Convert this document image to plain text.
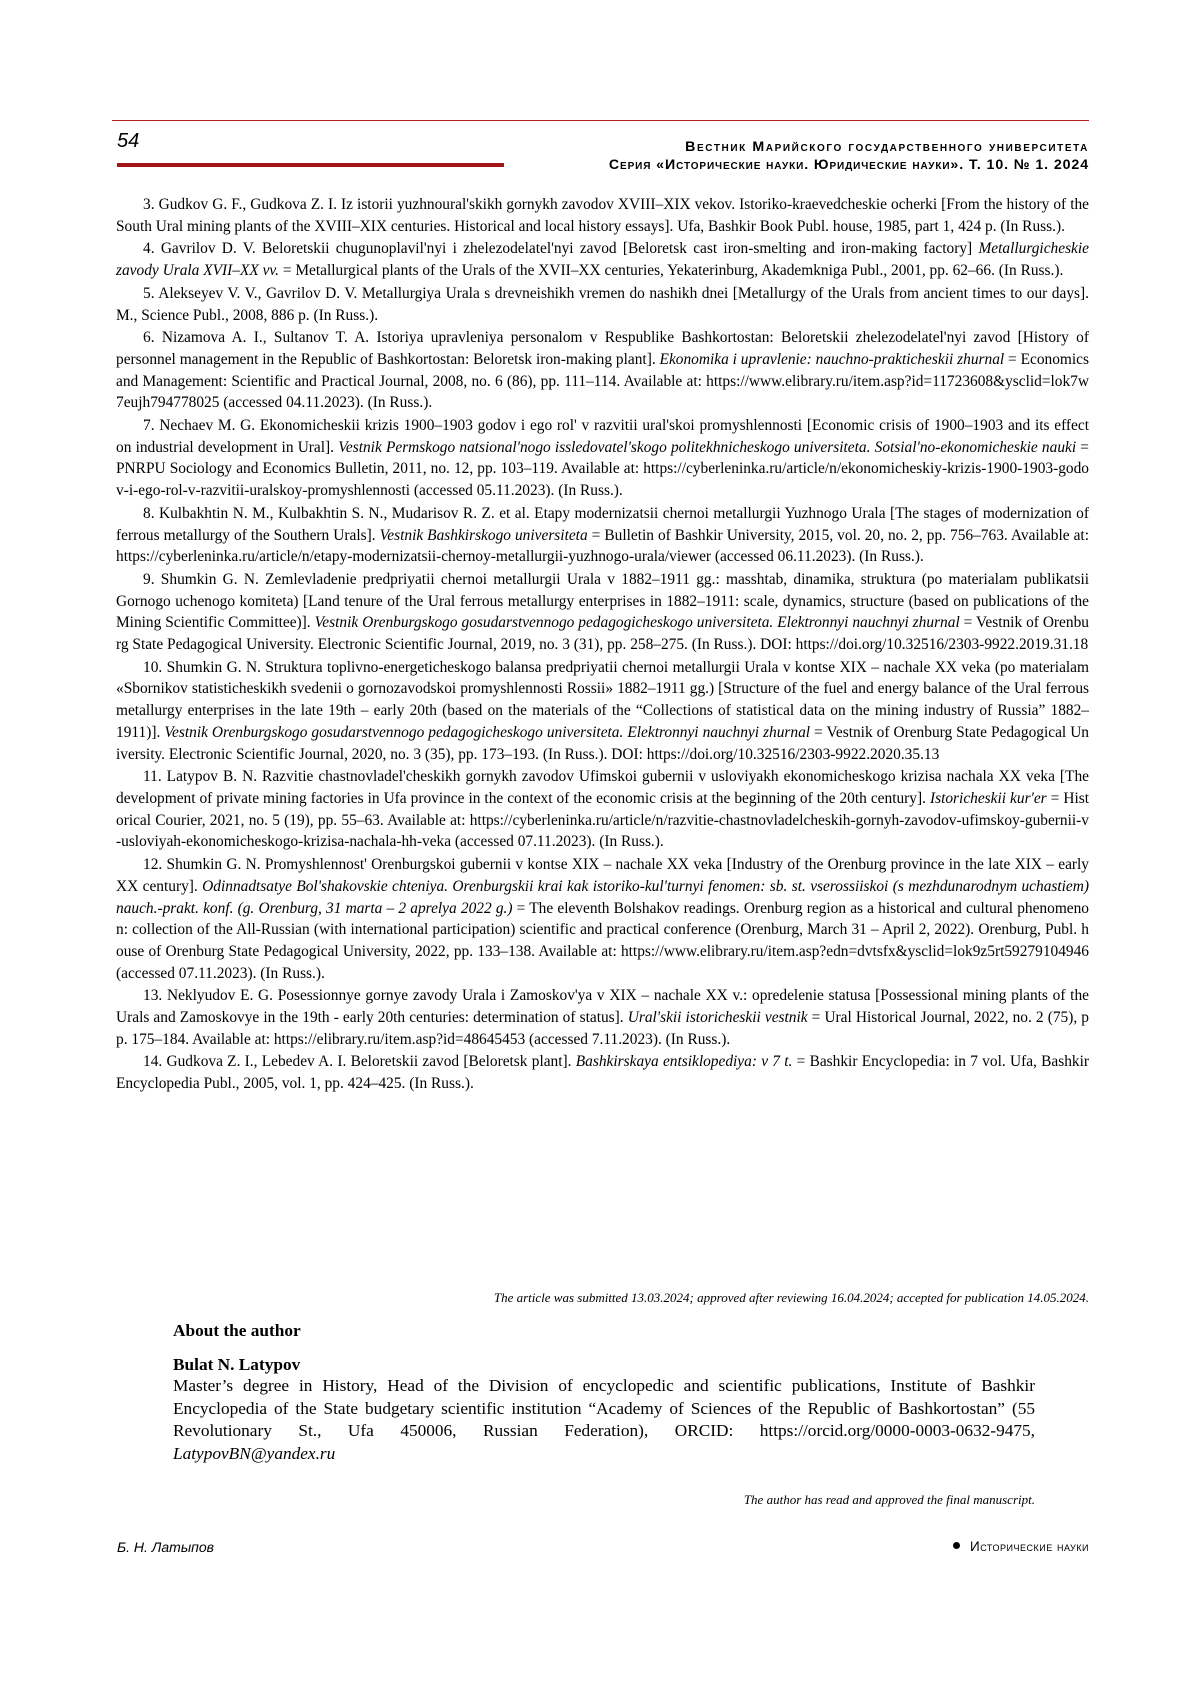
54	Вестник Марийского государственного университета
Серия «Исторические науки. Юридические науки». Т. 10. № 1. 2024

3. Gudkov G. F., Gudkova Z. I. Iz istorii yuzhnoural'skikh gornykh zavodov XVIII–XIX vekov. Istoriko-kraevedcheskie ocherki [From the history of the South Ural mining plants of the XVIII–XIX centuries. Historical and local history essays]. Ufa, Bashkir Book Publ. house, 1985, part 1, 424 p. (In Russ.).

4. Gavrilov D. V. Beloretskii chugunoplavil'nyi i zhelezodelatel'nyi zavod [Beloretsk cast iron-smelting and iron-making factory] Metallurgicheskie zavody Urala XVII–XX vv. = Metallurgical plants of the Urals of the XVII–XX centuries, Yekaterinburg, Akademkniga Publ., 2001, pp. 62–66. (In Russ.).

5. Alekseyev V. V., Gavrilov D. V. Metallurgiya Urala s drevneishikh vremen do nashikh dnei [Metallurgy of the Urals from ancient times to our days]. M., Science Publ., 2008, 886 p. (In Russ.).

6. Nizamova A. I., Sultanov T. A. Istoriya upravleniya personalom v Respublike Bashkortostan: Beloretskii zhelezodelatel'nyi zavod [History of personnel management in the Republic of Bashkortostan: Beloretsk iron-making plant]. Ekonomika i upravlenie: nauchno-prakticheskii zhurnal = Economics and Management: Scientific and Practical Journal, 2008, no. 6 (86), pp. 111–114. Available at: https://www.elibrary.ru/item.asp?id=11723608&ysclid=lok7w7eujh794778025 (accessed 04.11.2023). (In Russ.).

7. Nechaev M. G. Ekonomicheskii krizis 1900–1903 godov i ego rol' v razvitii ural'skoi promyshlennosti [Economic crisis of 1900–1903 and its effect on industrial development in Ural]. Vestnik Permskogo natsional'nogo issledovatel'skogo politekhnicheskogo universiteta. Sotsial'no-ekonomicheskie nauki = PNRPU Sociology and Economics Bulletin, 2011, no. 12, pp. 103–119. Available at: https://cyberleninka.ru/article/n/ekonomicheskiy-krizis-1900-1903-godov-i-ego-rol-v-razvitii-uralskoy-promyshlennosti (accessed 05.11.2023). (In Russ.).

8. Kulbakhtin N. M., Kulbakhtin S. N., Mudarisov R. Z. et al. Etapy modernizatsii chernoi metallurgii Yuzhnogo Urala [The stages of modernization of ferrous metallurgy of the Southern Urals]. Vestnik Bashkirskogo universiteta = Bulletin of Bashkir University, 2015, vol. 20, no. 2, pp. 756–763. Available at: https://cyberleninka.ru/article/n/etapy-modernizatsii-chernoy-metallurgii-yuzhnogo-urala/viewer (accessed 06.11.2023). (In Russ.).

9. Shumkin G. N. Zemlevladenie predpriyatii chernoi metallurgii Urala v 1882–1911 gg.: masshtab, dinamika, struktura (po materialam publikatsii Gornogo uchenogo komiteta) [Land tenure of the Ural ferrous metallurgy enterprises in 1882–1911: scale, dynamics, structure (based on publications of the Mining Scientific Committee)]. Vestnik Orenburgskogo gosudarstvennogo pedagogicheskogo universiteta. Elektronnyi nauchnyi zhurnal = Vestnik of Orenburg State Pedagogical University. Electronic Scientific Journal, 2019, no. 3 (31), pp. 258–275. (In Russ.). DOI: https://doi.org/10.32516/2303-9922.2019.31.18

10. Shumkin G. N. Struktura toplivno-energeticheskogo balansa predpriyatii chernoi metallurgii Urala v kontse XIX – nachale XX veka (po materialam «Sbornikov statisticheskikh svedenii o gornozavodskoi promyshlennosti Rossii» 1882–1911 gg.) [Structure of the fuel and energy balance of the Ural ferrous metallurgy enterprises in the late 19th – early 20th (based on the materials of the “Collections of statistical data on the mining industry of Russia” 1882–1911)]. Vestnik Orenburgskogo gosudarstvennogo pedagogicheskogo universiteta. Elektronnyi nauchnyi zhurnal = Vestnik of Orenburg State Pedagogical University. Electronic Scientific Journal, 2020, no. 3 (35), pp. 173–193. (In Russ.). DOI: https://doi.org/10.32516/2303-9922.2020.35.13

11. Latypov B. N. Razvitie chastnovladel'cheskikh gornykh zavodov Ufimskoi gubernii v usloviyakh ekonomicheskogo krizisa nachala XX veka [The development of private mining factories in Ufa province in the context of the economic crisis at the beginning of the 20th century]. Istoricheskii kur'er = Historical Courier, 2021, no. 5 (19), pp. 55–63. Available at: https://cyberleninka.ru/article/n/razvitie-chastnovladelcheskih-gornyh-zavodov-ufimskoy-gubernii-v-usloviyah-ekonomicheskogo-krizisa-nachala-hh-veka (accessed 07.11.2023). (In Russ.).

12. Shumkin G. N. Promyshlennost' Orenburgskoi gubernii v kontse XIX – nachale XX veka [Industry of the Orenburg province in the late XIX – early XX century]. Odinnadtsatye Bol'shakovskie chteniya. Orenburgskii krai kak istoriko-kul'turnyi fenomen: sb. st. vserossiiskoi (s mezhdunarodnym uchastiem) nauch.-prakt. konf. (g. Orenburg, 31 marta – 2 aprelya 2022 g.) = The eleventh Bolshakov readings. Orenburg region as a historical and cultural phenomenon: collection of the All-Russian (with international participation) scientific and practical conference (Orenburg, March 31 – April 2, 2022). Orenburg, Publ. house of Orenburg State Pedagogical University, 2022, pp. 133–138. Available at: https://www.elibrary.ru/item.asp?edn=dvtsfx&ysclid=lok9z5rt59279104946 (accessed 07.11.2023). (In Russ.).

13. Neklyudov E. G. Posessionnye gornye zavody Urala i Zamoskov'ya v XIX – nachale XX v.: opredelenie statusa [Possessional mining plants of the Urals and Zamoskovye in the 19th - early 20th centuries: determination of status]. Ural'skii istoricheskii vestnik = Ural Historical Journal, 2022, no. 2 (75), pp. 175–184. Available at: https://elibrary.ru/item.asp?id=48645453 (accessed 7.11.2023). (In Russ.).

14. Gudkova Z. I., Lebedev A. I. Beloretskii zavod [Beloretsk plant]. Bashkirskaya entsiklopediya: v 7 t. = Bashkir Encyclopedia: in 7 vol. Ufa, Bashkir Encyclopedia Publ., 2005, vol. 1, pp. 424–425. (In Russ.).

The article was submitted 13.03.2024; approved after reviewing 16.04.2024; accepted for publication 14.05.2024.
About the author
Bulat N. Latypov
Master’s degree in History, Head of the Division of encyclopedic and scientific publications, Institute of Bashkir Encyclopedia of the State budgetary scientific institution “Academy of Sciences of the Republic of Bashkortostan” (55 Revolutionary St., Ufa 450006, Russian Federation), ORCID: https://orcid.org/0000-0003-0632-9475, LatypovBN@yandex.ru
The author has read and approved the final manuscript.
Б. Н. Латыпов	Исторические науки
